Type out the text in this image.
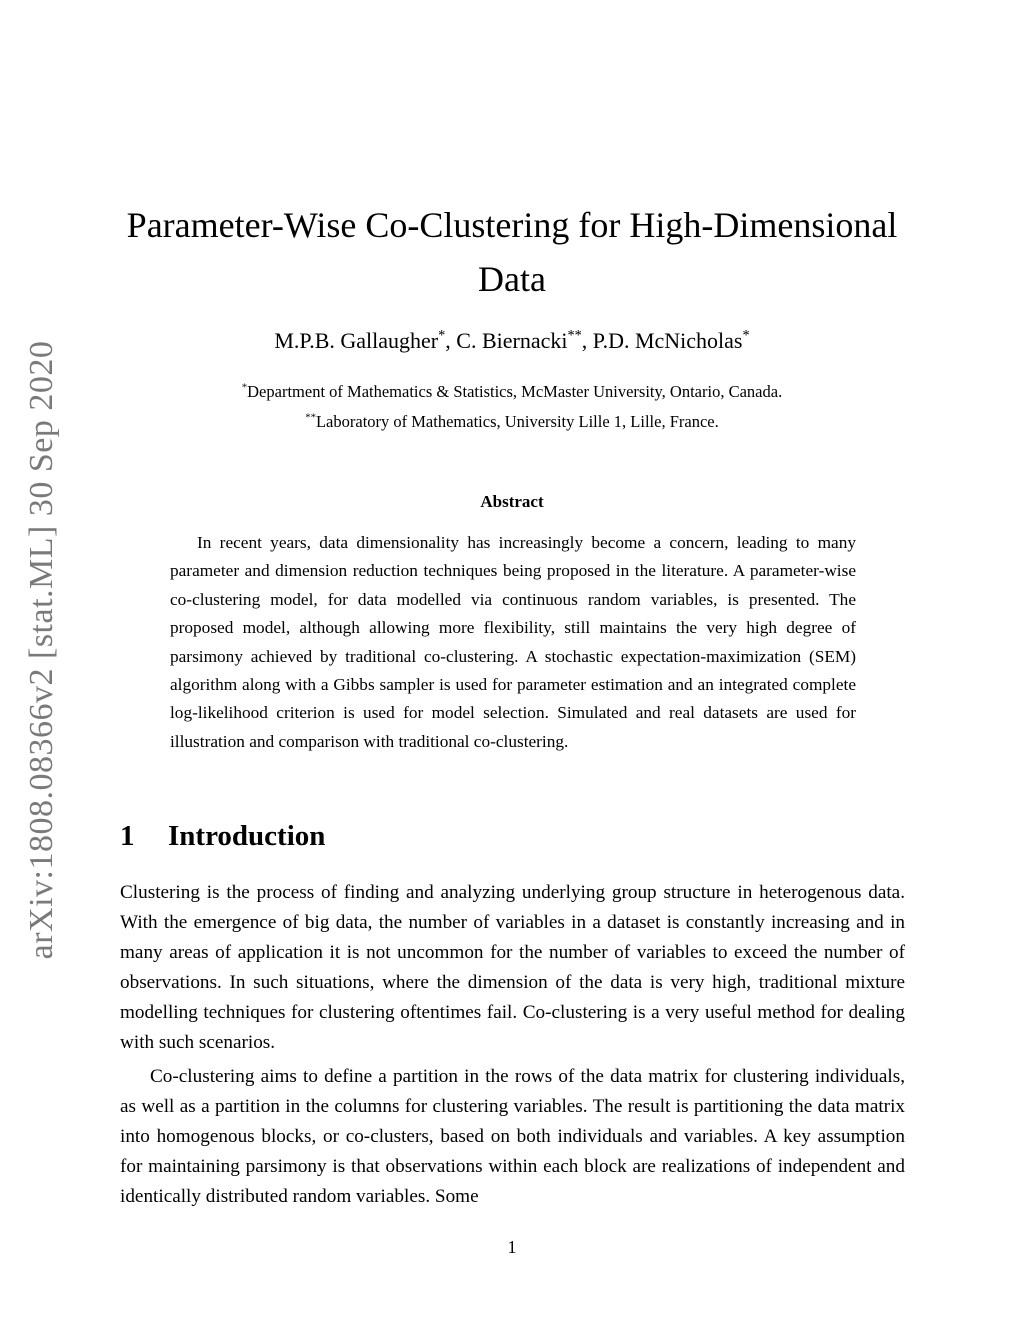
arXiv:1808.08366v2 [stat.ML] 30 Sep 2020
Parameter-Wise Co-Clustering for High-Dimensional Data
M.P.B. Gallaugher*, C. Biernacki**, P.D. McNicholas*
*Department of Mathematics & Statistics, McMaster University, Ontario, Canada.
**Laboratory of Mathematics, University Lille 1, Lille, France.
Abstract

In recent years, data dimensionality has increasingly become a concern, leading to many parameter and dimension reduction techniques being proposed in the literature. A parameter-wise co-clustering model, for data modelled via continuous random variables, is presented. The proposed model, although allowing more flexibility, still maintains the very high degree of parsimony achieved by traditional co-clustering. A stochastic expectation-maximization (SEM) algorithm along with a Gibbs sampler is used for parameter estimation and an integrated complete log-likelihood criterion is used for model selection. Simulated and real datasets are used for illustration and comparison with traditional co-clustering.

1 Introduction

Clustering is the process of finding and analyzing underlying group structure in heterogenous data. With the emergence of big data, the number of variables in a dataset is constantly increasing and in many areas of application it is not uncommon for the number of variables to exceed the number of observations. In such situations, where the dimension of the data is very high, traditional mixture modelling techniques for clustering oftentimes fail. Co-clustering is a very useful method for dealing with such scenarios.

Co-clustering aims to define a partition in the rows of the data matrix for clustering individuals, as well as a partition in the columns for clustering variables. The result is partitioning the data matrix into homogenous blocks, or co-clusters, based on both individuals and variables. A key assumption for maintaining parsimony is that observations within each block are realizations of independent and identically distributed random variables. Some

1
